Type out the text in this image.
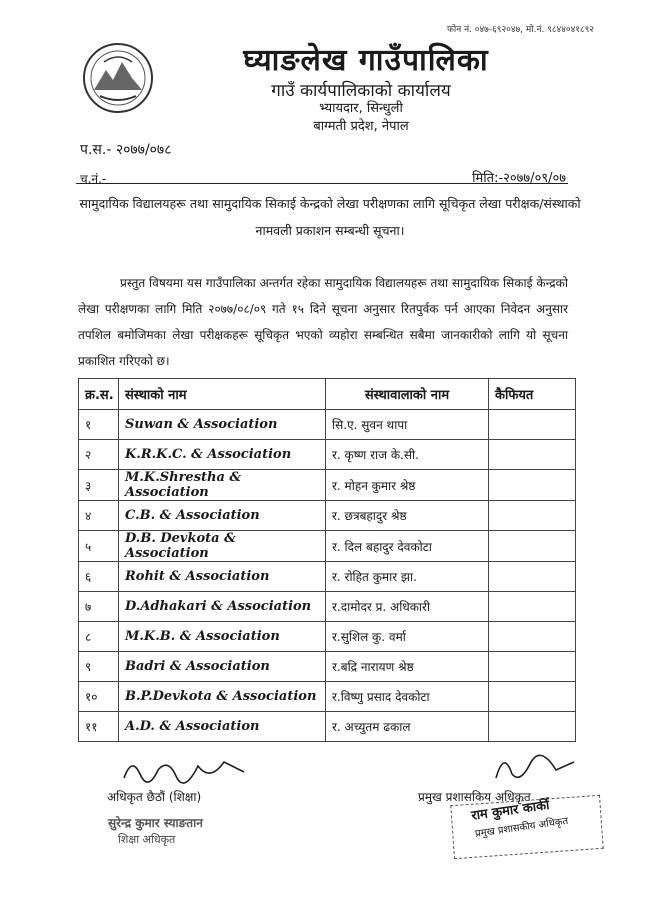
फोन नं. ०४७-६९२०४७, मो.नं. ९८४४०४१८९२
घ्याङलेख गाउँपालिका
गाउँ कार्यपालिकाको कार्यालय
भ्यायदार, सिन्धुली
बाग्मती प्रदेश, नेपाल
प.स.- २०७७/०७८
च.नं.-	मिति:-२०७७/०९/०७
सामुदायिक विद्यालयहरू तथा सामुदायिक सिकाई केन्द्रको लेखा परीक्षणका लागि सूचिकृत लेखा परीक्षक/संस्थाको नामवली प्रकाशन सम्बन्धी सूचना।
प्रस्तुत विषयमा यस गाउँपालिका अन्तर्गत रहेका सामुदायिक विद्यालयहरू तथा सामुदायिक सिकाई केन्द्रको लेखा परीक्षणका लागि मिति २०७७/०८/०९ गते १५ दिने सूचना अनुसार रितपुर्वक पर्न आएका निवेदन अनुसार तपशिल बमोजिमका लेखा परीक्षकहरू सूचिकृत भएको व्यहोरा सम्बन्धित सबैमा जानकारीको लागि यो सूचना प्रकाशित गरिएको छ।
क्र.स.	संस्थाको नाम	संस्थावालाको नाम	कैफियत
१	Suwan & Association	सि.ए. सुवन थापा	
२	K.R.K.C. & Association	र. कृष्ण राज के.सी.	
३	M.K.Shrestha & Association	र. मोहन कुमार श्रेष्ठ	
४	C.B. & Association	र. छत्रबहादुर श्रेष्ठ	
५	D.B. Devkota & Association	र. दिल बहादुर देवकोटा	
६	Rohit & Association	र. रोहित कुमार झा.	
७	D.Adhakari & Association	र.दामोदर प्र. अधिकारी	
८	M.K.B. & Association	र.सुशिल कु. वर्मा	
९	Badri & Association	र.बद्रि नारायण श्रेष्ठ	
१०	B.P.Devkota & Association	र.विष्णु प्रसाद देवकोटा	
११	A.D. & Association	र. अच्युतम ढकाल	
अधिकृत छैठौं (शिक्षा)
सुरेन्द्र कुमार स्याङतान
शिक्षा अधिकृत
प्रमुख प्रशासकिय अधिकृत
राम कुमार कार्की
प्रमुख प्रशासकीय अधिकृत
